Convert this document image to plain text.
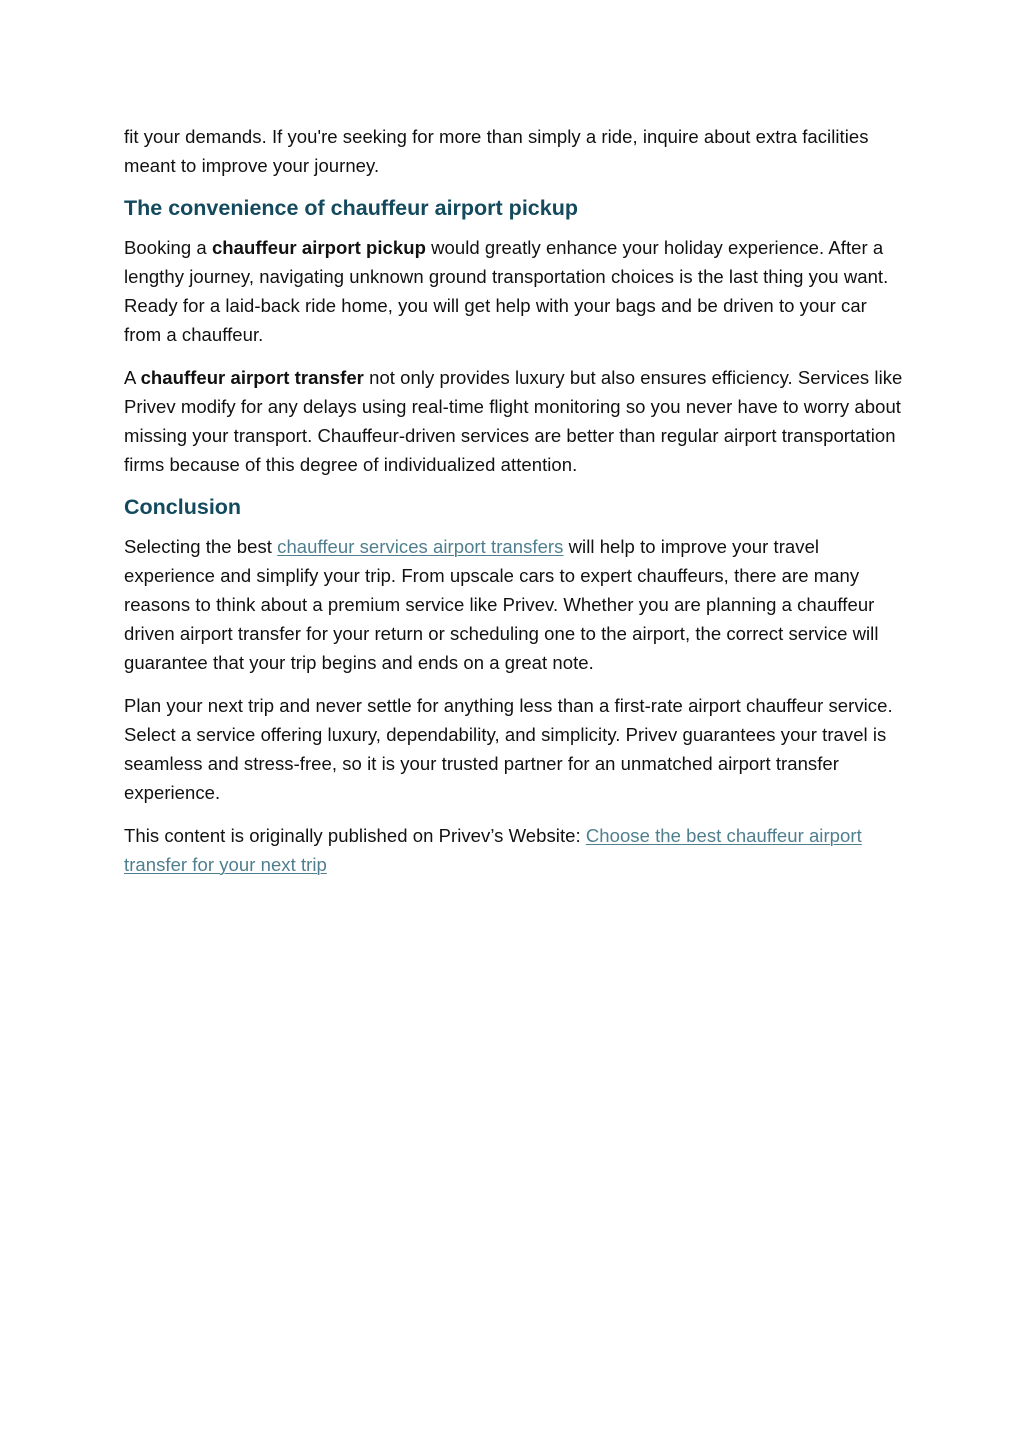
fit your demands. If you're seeking for more than simply a ride, inquire about extra facilities meant to improve your journey.

The convenience of chauffeur airport pickup

Booking a chauffeur airport pickup would greatly enhance your holiday experience. After a lengthy journey, navigating unknown ground transportation choices is the last thing you want. Ready for a laid-back ride home, you will get help with your bags and be driven to your car from a chauffeur.

A chauffeur airport transfer not only provides luxury but also ensures efficiency. Services like Privev modify for any delays using real-time flight monitoring so you never have to worry about missing your transport. Chauffeur-driven services are better than regular airport transportation firms because of this degree of individualized attention.

Conclusion

Selecting the best chauffeur services airport transfers will help to improve your travel experience and simplify your trip. From upscale cars to expert chauffeurs, there are many reasons to think about a premium service like Privev. Whether you are planning a chauffeur driven airport transfer for your return or scheduling one to the airport, the correct service will guarantee that your trip begins and ends on a great note.

Plan your next trip and never settle for anything less than a first-rate airport chauffeur service. Select a service offering luxury, dependability, and simplicity. Privev guarantees your travel is seamless and stress-free, so it is your trusted partner for an unmatched airport transfer experience.

This content is originally published on Privev’s Website: Choose the best chauffeur airport transfer for your next trip
